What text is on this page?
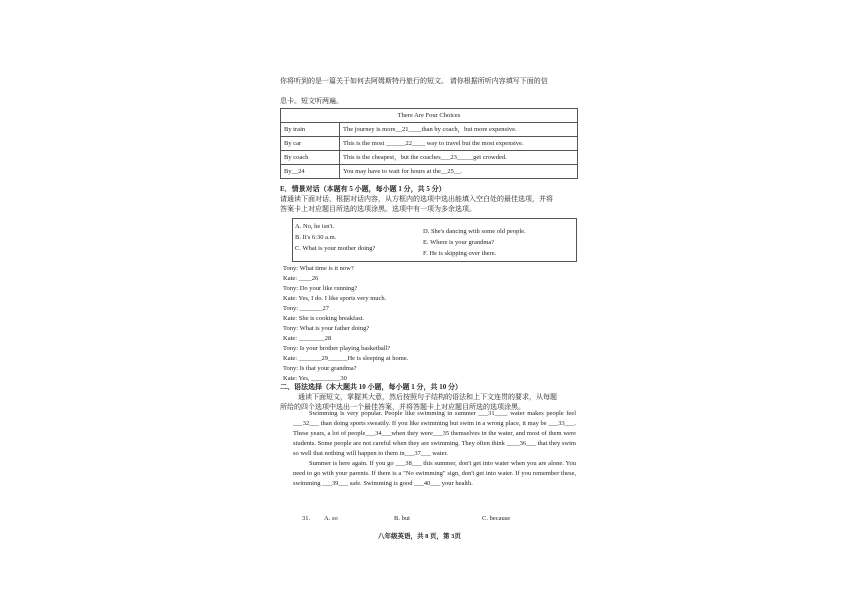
你将听到的是一篇关于如何去阿姆斯特丹旅行的短文。 请你根据所听内容填写下面的信

息卡。短文听两遍。

There Are Four Choices	
By train	The journey is more__21____than by coach，but more expensive.
By car	This is the most ______22____ way to travel but the most expensive.
By coach	This is the cheapest，but the coaches___23_____get crowded.
By__24	You may have to wait for hours at the__25__.
E．情景对话（本题有 5 小题，每小题 1 分，共 5 分）
请通读下面对话，根据对话内容，从方框内的选项中选出能填入空白处的最佳选项，并将
答案卡上对应题目所选的选项涂黑。选项中有一项为多余选项。
A. No, he isn't.
B. It's 6:30 a.m.
C. What is your mother doing?
D. She's dancing with some old people.
E. Where is your grandma?
F. He is skipping over there.
Tony: What time is it now?
Kate: ____26
Tony: Do your like running?
Kate: Yes, I do. I like sports very much.
Tony: _______27
Kate: She is cooking breakfast.
Tony: What is your father doing?
Kate: ________28
Tony: Is your brother playing basketball?
Kate: _______29______He is sleeping at home.
Tony: Is that your grandma?
Kate: Yes, _________30
二、语法选择（本大题共 10 小题，每小题 1 分，共 10 分）
通读下面短文，掌握其大意，然后按照句子结构的语法和上下文连贯的要求，从每题
所给的四个选项中选出一个最佳答案，并将答题卡上对应题目所选的选项涂黑。

Swimming is very popular. People like swimming in summer ___31____ water makes people feel ___32___ than doing sports sweatily. If you like swimming but swim in a wrong place, it may be ___33___. These years, a lot of people___34___when they were___35 themselves in the water, and most of them were students. Some people are not careful when they are swimming. They often think ____36___ that they swim so well that nothing will happen to them in___37___ water.

Summer is here again. If you go ___38___ this summer, don't get into water when you are alone. You need to go with your parents. If there is a "No swimming" sign, don't get into water. If you remember these, swimming ___39___ safe. Swimming is good ___40___ your health.

31. A. so	B. but	C. because
八年级英语，共 8 页，第 3页
